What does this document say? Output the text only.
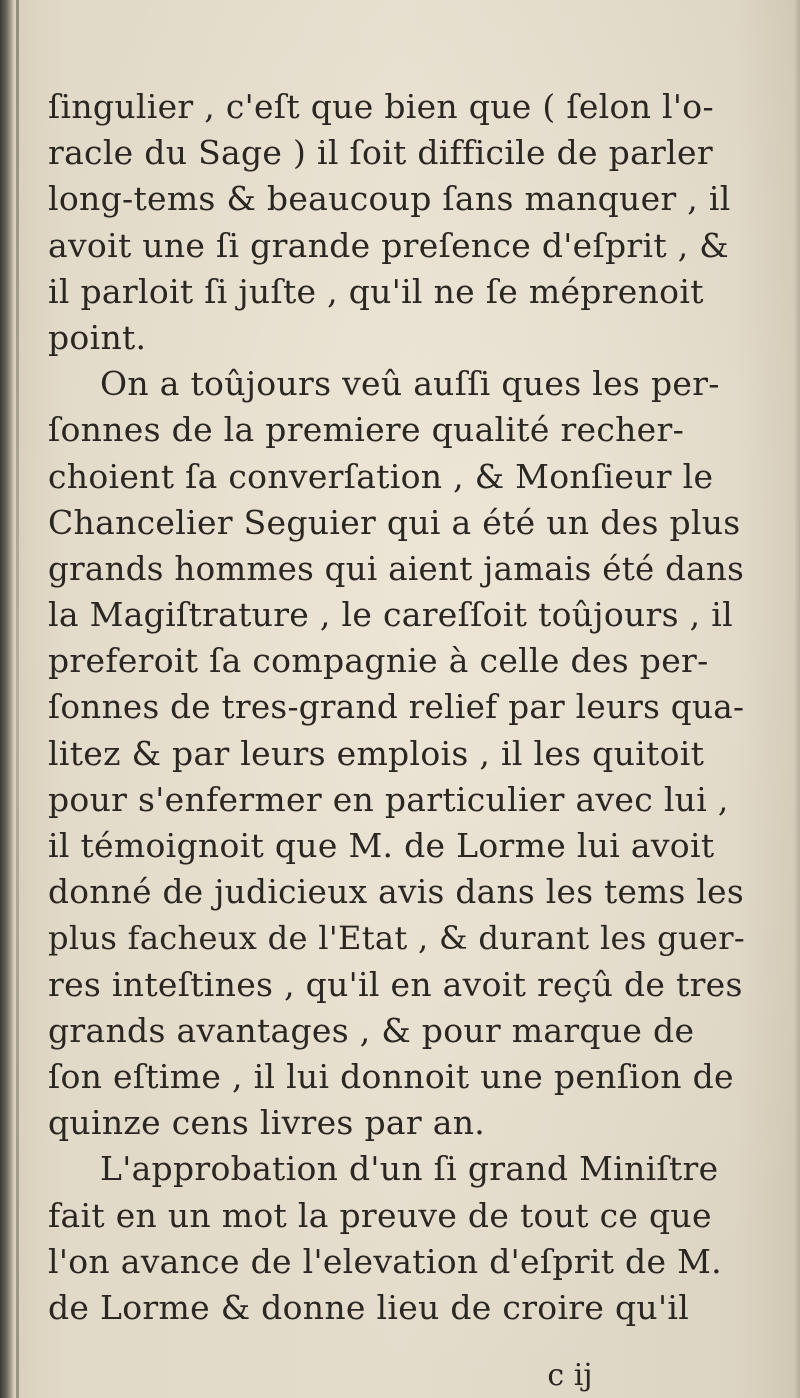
ſingulier , c'eſt que bien que ( ſelon l'o-
racle du Sage ) il ſoit difficile de parler
long-tems & beaucoup ſans manquer , il
avoit une ſi grande preſence d'eſprit , &
il parloit ſi juſte , qu'il ne ſe méprenoit
point.
On a toûjours veû auſſi ques les per-
ſonnes de la premiere qualité recher-
choient ſa converſation , & Monſieur le
Chancelier Seguier qui a été un des plus
grands hommes qui aient jamais été dans
la Magiſtrature , le careſſoit toûjours , il
preferoit ſa compagnie à celle des per-
ſonnes de tres-grand relief par leurs qua-
litez & par leurs emplois , il les quitoit
pour s'enfermer en particulier avec lui ,
il témoignoit que M. de Lorme lui avoit
donné de judicieux avis dans les tems les
plus facheux de l'Etat , & durant les guer-
res inteſtines , qu'il en avoit reçû de tres
grands avantages , & pour marque de
ſon eſtime , il lui donnoit une penſion de
quinze cens livres par an.
L'approbation d'un ſi grand Miniſtre
fait en un mot la preuve de tout ce que
l'on avance de l'elevation d'eſprit de M.
de Lorme & donne lieu de croire qu'il
c ij
